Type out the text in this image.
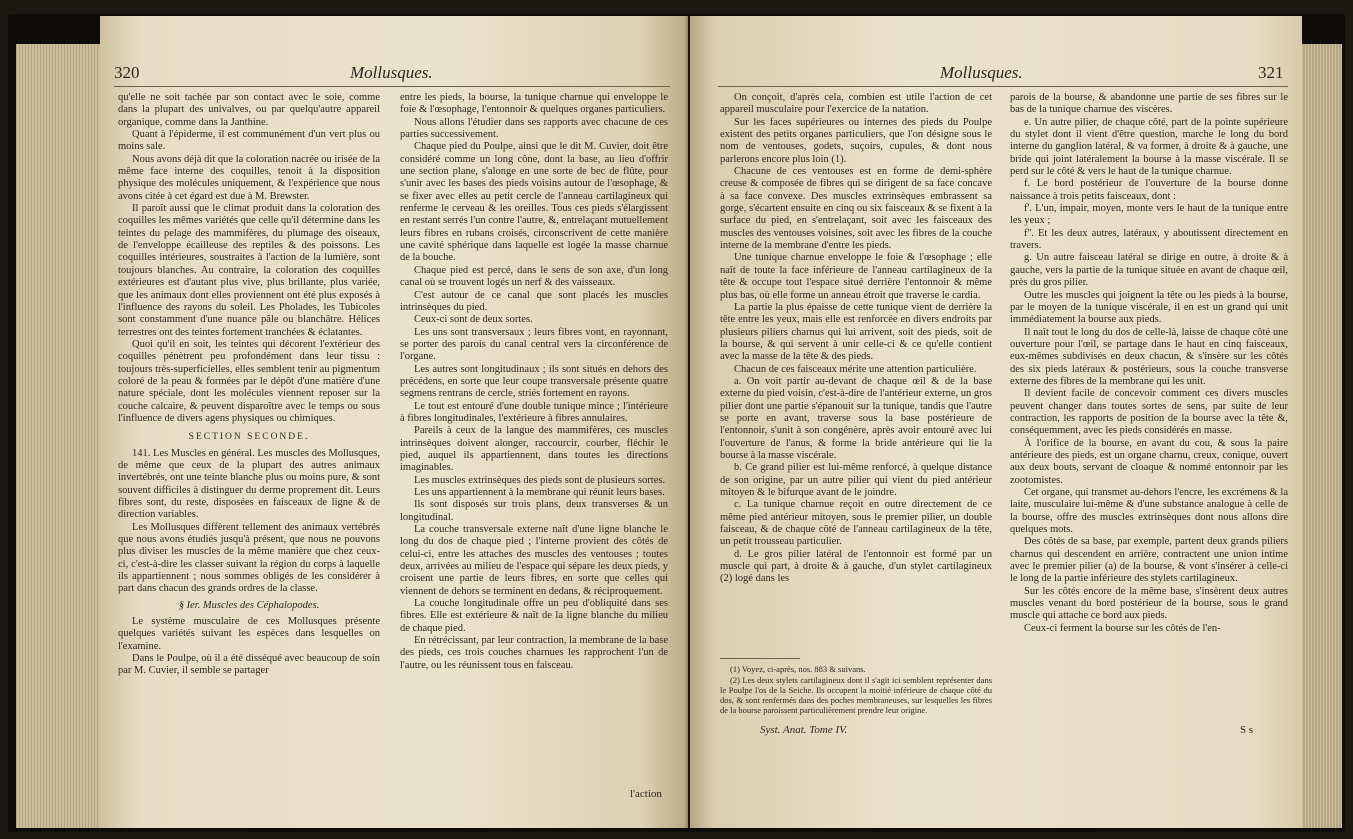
320	Mollusques.

qu'elle ne soit tachée par son contact avec le soie, comme dans la plupart des univalves, ou par quelqu'autre appareil organique, comme dans la Janthine.

Quant à l'épiderme, il est communément d'un vert plus ou moins sale.

Nous avons déjà dit que la coloration nacrée ou irisée de la même face interne des coquilles, tenoit à la disposition physique des molécules uniquement, & l'expérience que nous avons citée à cet égard est due à M. Brewster.

Il paroît aussi que le climat produit dans la coloration des coquilles les mêmes variétés que celle qu'il détermine dans les teintes du pelage des mammifères, du plumage des oiseaux, de l'enveloppe écailleuse des reptiles & des poissons. Les coquilles intérieures, soustraites à l'action de la lumière, sont toujours blanches. Au contraire, la coloration des coquilles extérieures est d'autant plus vive, plus brillante, plus variée, que les animaux dont elles proviennent ont été plus exposés à l'influence des rayons du soleil. Les Pholades, les Tubicoles sont constamment d'une nuance pâle ou blanchâtre. Hélices terrestres ont des teintes fortement tranchées & éclatantes.

Quoi qu'il en soit, les teintes qui décorent l'extérieur des coquilles pénètrent peu profondément dans leur tissu : toujours très-superficielles, elles semblent tenir au pigmentum coloré de la peau & formées par le dépôt d'une matière d'une nature spéciale, dont les molécules viennent reposer sur la couche calcaire, & peuvent disparoître avec le temps ou sous l'influence de divers agens physiques ou chimiques.

SECTION SECONDE.

141. Les Muscles en général. Les muscles des Mollusques, de même que ceux de la plupart des autres animaux invertébrés, ont une teinte blanche plus ou moins pure, & sont souvent difficiles à distinguer du derme proprement dit. Leurs fibres sont, du reste, disposées en faisceaux de ligne & de direction variables.

Les Mollusques diffèrent tellement des animaux vertébrés que nous avons étudiés jusqu'à présent, que nous ne pouvons plus diviser les muscles de la même manière que chez ceux-ci, c'est-à-dire les classer suivant la région du corps à laquelle ils appartiennent ; nous sommes obligés de les considérer à part dans chacun des grands ordres de la classe.

§ Ier. Muscles des Céphalopodes.

Le système musculaire de ces Mollusques présente quelques variétés suivant les espèces dans lesquelles on l'examine.

Dans le Poulpe, où il a été disséqué avec beaucoup de soin par M. Cuvier, il semble se partager

entre les pieds, la bourse, la tunique charnue qui enveloppe le foie & l'œsophage, l'entonnoir & quelques organes particuliers.

Nous allons l'étudier dans ses rapports avec chacune de ces parties successivement.

Chaque pied du Poulpe, ainsi que le dit M. Cuvier, doit être considéré comme un long cône, dont la base, au lieu d'offrir une section plane, s'alonge en une sorte de bec de flûte, pour s'unir avec les bases des pieds voisins autour de l'œsophage, & se fixer avec elles au petit cercle de l'anneau cartilagineux qui renferme le cerveau & les oreilles. Tous ces pieds s'élargissent en restant serrés l'un contre l'autre, &, entrelaçant mutuellement leurs fibres en rubans croisés, circonscrivent de cette manière une cavité sphérique dans laquelle est logée la masse charnue de la bouche.

Chaque pied est percé, dans le sens de son axe, d'un long canal où se trouvent logés un nerf & des vaisseaux.

C'est autour de ce canal que sont placés les muscles intrinsèques du pied.

Ceux-ci sont de deux sortes.

Les uns sont transversaux ; leurs fibres vont, en rayonnant, se porter des parois du canal central vers la circonférence de l'organe.

Les autres sont longitudinaux ; ils sont situés en dehors des précédens, en sorte que leur coupe transversale présente quatre segmens rentrans de cercle, striés fortement en rayons.

Le tout est entouré d'une double tunique mince ; l'intérieure à fibres longitudinales, l'extérieure à fibres annulaires.

Pareils à ceux de la langue des mammifères, ces muscles intrinsèques doivent alonger, raccourcir, courber, fléchir le pied, auquel ils appartiennent, dans toutes les directions imaginables.

Les muscles extrinsèques des pieds sont de plusieurs sortes.

Les uns appartiennent à la membrane qui réunit leurs bases.

Ils sont disposés sur trois plans, deux transverses & un longitudinal.

La couche transversale externe naît d'une ligne blanche le long du dos de chaque pied ; l'interne provient des côtés de celui-ci, entre les attaches des muscles des ventouses ; toutes deux, arrivées au milieu de l'espace qui sépare les deux pieds, y croisent une partie de leurs fibres, en sorte que celles qui viennent de dehors se terminent en dedans, & réciproquement.

La couche longitudinale offre un peu d'obliquité dans ses fibres. Elle est extérieure & naît de la ligne blanche du milieu de chaque pied.

En rétrécissant, par leur contraction, la membrane de la base des pieds, ces trois couches charnues les rapprochent l'un de l'autre, ou les réunissent tous en faisceau.

l'action
Mollusques.	321

On conçoit, d'après cela, combien est utile l'action de cet appareil musculaire pour l'exercice de la natation.

Sur les faces supérieures ou internes des pieds du Poulpe existent des petits organes particuliers, que l'on désigne sous le nom de ventouses, godets, suçoirs, cupules, & dont nous parlerons encore plus loin (1).

Chacune de ces ventouses est en forme de demi-sphère creuse & composée de fibres qui se dirigent de sa face concave à sa face convexe. Des muscles extrinsèques embrassent sa gorge, s'écartent ensuite en cinq ou six faisceaux & se fixent à la surface du pied, en s'entrelaçant, soit avec les faisceaux des muscles des ventouses voisines, soit avec les fibres de la couche interne de la membrane d'entre les pieds.

Une tunique charnue enveloppe le foie & l'œsophage ; elle naît de toute la face inférieure de l'anneau cartilagineux de la tête & occupe tout l'espace situé derrière l'entonnoir & même plus bas, où elle forme un anneau étroit que traverse le cardia.

La partie la plus épaisse de cette tunique vient de derrière la tête entre les yeux, mais elle est renforcée en divers endroits par plusieurs piliers charnus qui lui arrivent, soit des pieds, soit de la bourse, & qui servent à unir celle-ci & ce qu'elle contient avec la masse de la tête & des pieds.

Chacun de ces faisceaux mérite une attention particulière.

a. On voit partir au-devant de chaque œil & de la base externe du pied voisin, c'est-à-dire de l'antérieur externe, un gros pilier dont une partie s'épanouit sur la tunique, tandis que l'autre se porte en avant, traverse sous la base postérieure de l'entonnoir, s'unit à son congénère, après avoir entouré avec lui l'ouverture de l'anus, & forme la bride antérieure qui lie la bourse à la masse viscérale.

b. Ce grand pilier est lui-même renforcé, à quelque distance de son origine, par un autre pilier qui vient du pied antérieur mitoyen & le bifurque avant de le joindre.

c. La tunique charnue reçoit en outre directement de ce même pied antérieur mitoyen, sous le premier pilier, un double faisceau, & de chaque côté de l'anneau cartilagineux de la tête, un petit trousseau particulier.

d. Le gros pilier latéral de l'entonnoir est formé par un muscle qui part, à droite & à gauche, d'un stylet cartilagineux (2) logé dans les

(1) Voyez, ci-après, nos. 883 & suivans.

(2) Les deux stylets cartilagineux dont il s'agit ici semblent représenter dans le Poulpe l'os de la Seiche. Ils occupent la moitié inférieure de chaque côté du dos, & sont renfermés dans des poches membraneuses, sur lesquelles les fibres de la bourse paroissent particulièrement prendre leur origine.

Syst. Anat. Tome IV.	S s

parois de la bourse, & abandonne une partie de ses fibres sur le bas de la tunique charnue des viscères.

e. Un autre pilier, de chaque côté, part de la pointe supérieure du stylet dont il vient d'être question, marche le long du bord interne du ganglion latéral, & va former, à droite & à gauche, une bride qui joint latéralement la bourse à la masse viscérale. Il se perd sur le côté & vers le haut de la tunique charnue.

f. Le bord postérieur de l'ouverture de la bourse donne naissance à trois petits faisceaux, dont :

f'. L'un, impair, moyen, monte vers le haut de la tunique entre les yeux ;

f''. Et les deux autres, latéraux, y aboutissent directement en travers.

g. Un autre faisceau latéral se dirige en outre, à droite & à gauche, vers la partie de la tunique située en avant de chaque œil, près du gros pilier.

Outre les muscles qui joignent la tête ou les pieds à la bourse, par le moyen de la tunique viscérale, il en est un grand qui unit immédiatement la bourse aux pieds.

Il naît tout le long du dos de celle-là, laisse de chaque côté une ouverture pour l'œil, se partage dans le haut en cinq faisceaux, eux-mêmes subdivisés en deux chacun, & s'insère sur les côtés des six pieds latéraux & postérieurs, sous la couche transverse externe des fibres de la membrane qui les unit.

Il devient facile de concevoir comment ces divers muscles peuvent changer dans toutes sortes de sens, par suite de leur contraction, les rapports de position de la bourse avec la tête &, conséquemment, avec les pieds considérés en masse.

À l'orifice de la bourse, en avant du cou, & sous la paire antérieure des pieds, est un organe charnu, creux, conique, ouvert aux deux bouts, servant de cloaque & nommé entonnoir par les zootomistes.

Cet organe, qui transmet au-dehors l'encre, les excrémens & la laite, musculaire lui-même & d'une substance analogue à celle de la bourse, offre des muscles extrinsèques dont nous allons dire quelques mots.

Des côtés de sa base, par exemple, partent deux grands piliers charnus qui descendent en arrière, contractent une union intime avec le premier pilier (a) de la bourse, & vont s'insérer à celle-ci le long de la partie inférieure des stylets cartilagineux.

Sur les côtés encore de la même base, s'insèrent deux autres muscles venant du bord postérieur de la bourse, sous le grand muscle qui attache ce bord aux pieds.

Ceux-ci ferment la bourse sur les côtés de l'en-
